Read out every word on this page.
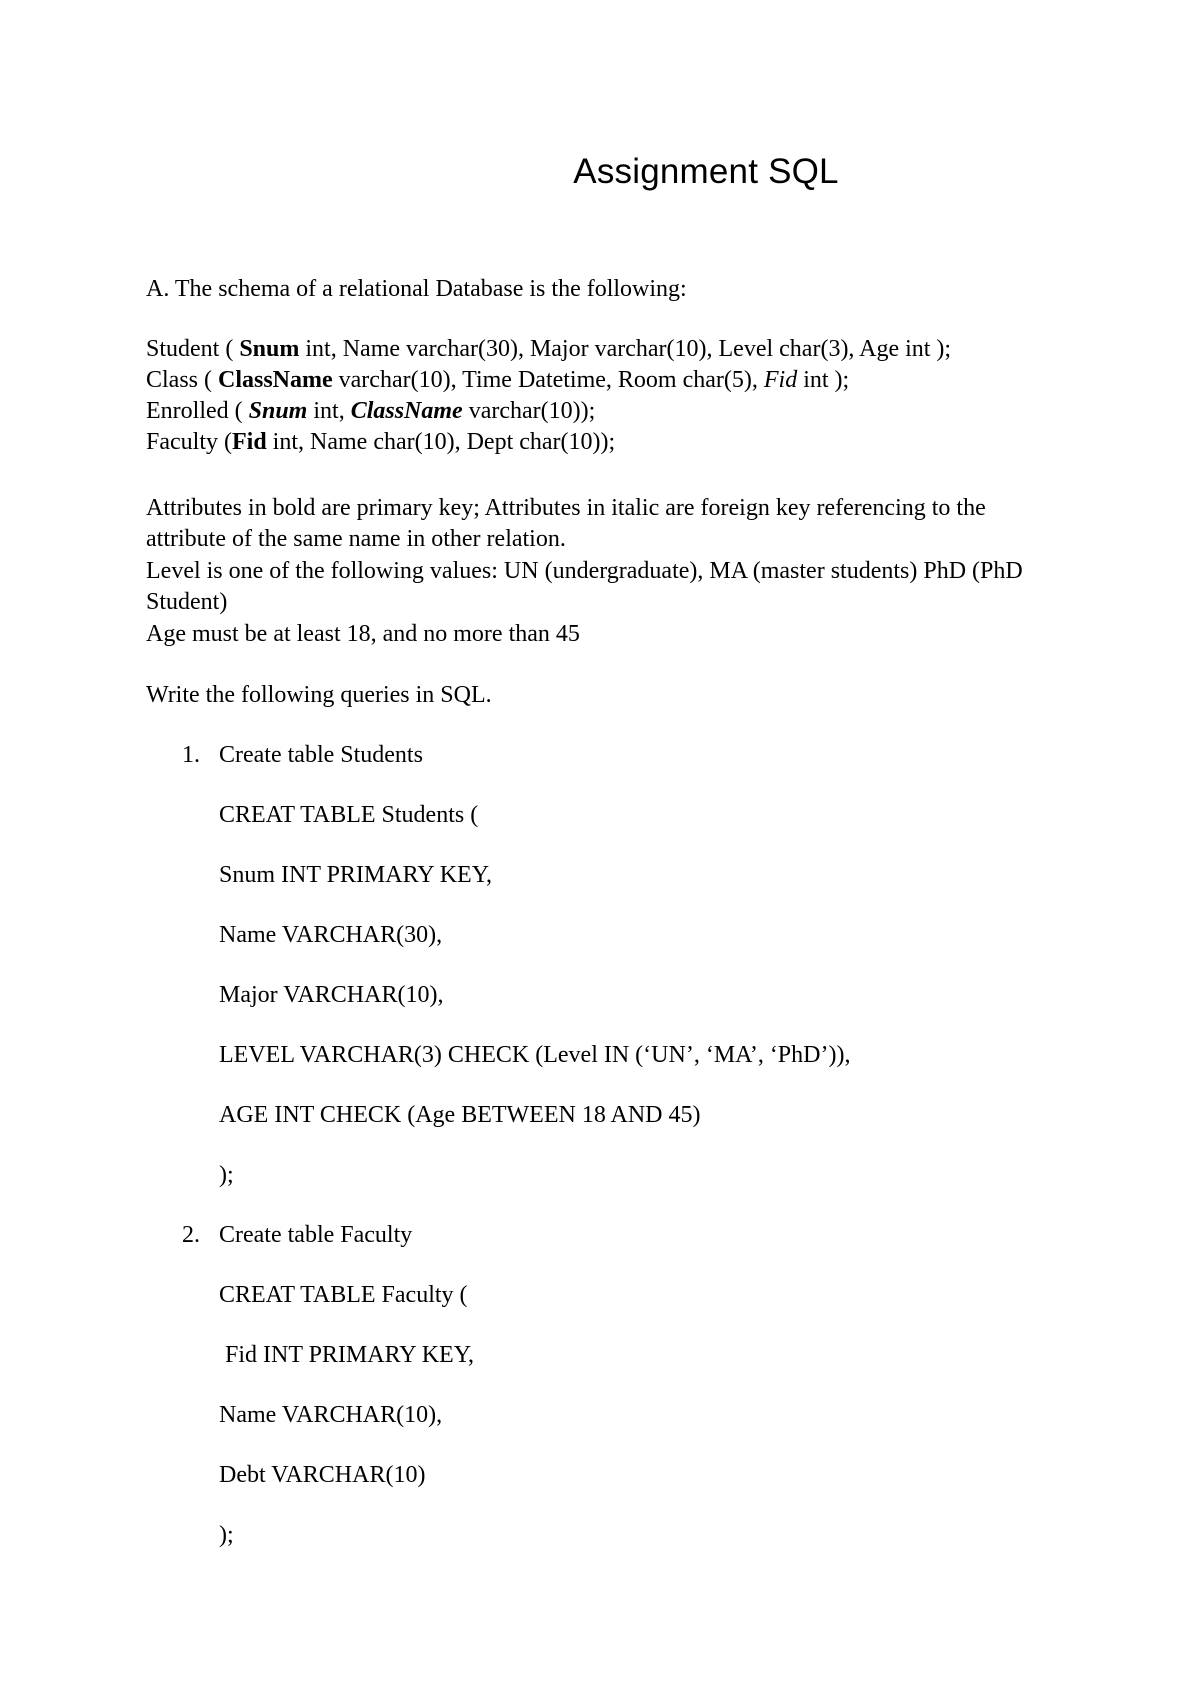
Assignment SQL
A. The schema of a relational Database is the following:
Student ( Snum int, Name varchar(30), Major varchar(10), Level char(3), Age int );
Class ( ClassName varchar(10), Time Datetime, Room char(5), Fid int );
Enrolled ( Snum int, ClassName varchar(10));
Faculty (Fid int, Name char(10), Dept char(10));
Attributes in bold are primary key; Attributes in italic are foreign key referencing to the
attribute of the same name in other relation.
Level is one of the following values: UN (undergraduate), MA (master students) PhD (PhD
Student)
Age must be at least 18, and no more than 45
Write the following queries in SQL.
1. Create table Students
CREAT TABLE Students (
Snum INT PRIMARY KEY,
Name VARCHAR(30),
Major VARCHAR(10),
LEVEL VARCHAR(3) CHECK (Level IN (‘UN’, ‘MA’, ‘PhD’)),
AGE INT CHECK (Age BETWEEN 18 AND 45)
);
2. Create table Faculty
CREAT TABLE Faculty (
Fid INT PRIMARY KEY,
Name VARCHAR(10),
Debt VARCHAR(10)
);
